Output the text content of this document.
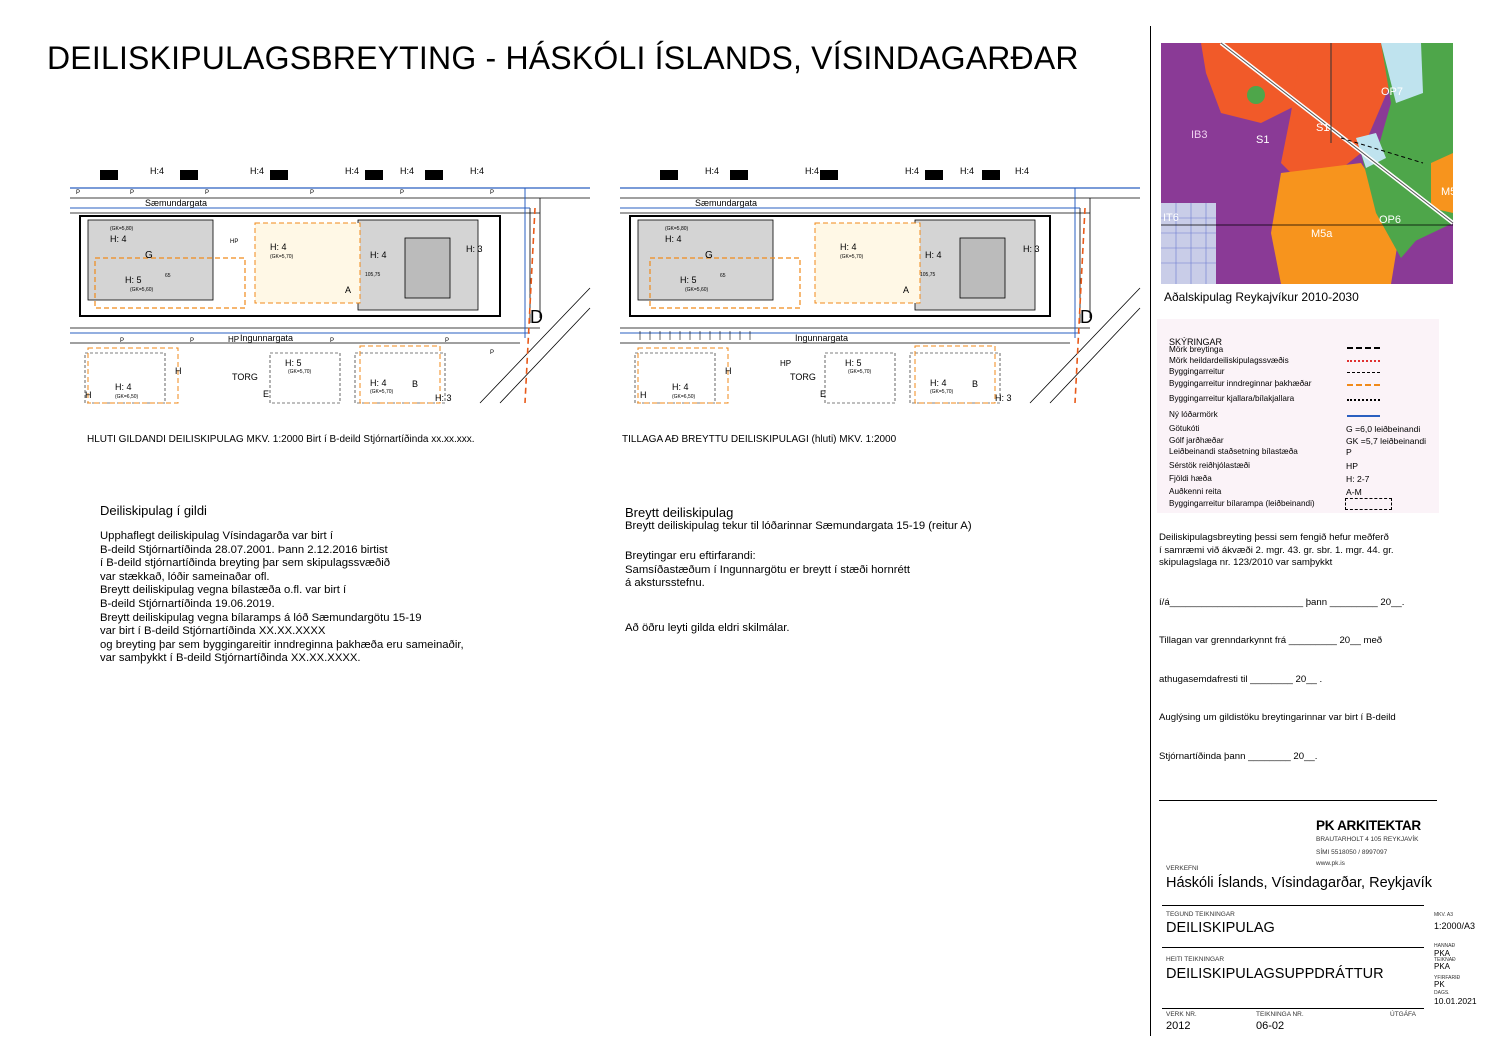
DEILISKIPULAGSBREYTING - HÁSKÓLI ÍSLANDS, VÍSINDAGARÐAR
Sæmundargata
Ingunnargata
(GK=5,80)
H: 4
G
H: 5
(GK=5,60)
H: 4
(GK=5,70)
A
H: 4
H: 3
HP
HP
D
H
H
H: 4
(GK=6,50)
TORG
E
H: 5
(GK=5,70)
H: 4
(GK=5,70)
B
H: 3
H:4	H:4	H:4	H:4	H:4
65	105,75
P	P	P	P	P	P
P	P	P	P
P
Sæmundargata
Ingunnargata
(GK=5,80)
H: 4
G
H: 5
(GK=5,60)
H: 4
(GK=5,70)
A
H: 4
H: 3
HP
D
H
H
H: 4
(GK=6,50)
TORG
E
H: 5
(GK=5,70)
H: 4
(GK=5,70)
B
H: 3
H:4	H:4	H:4	H:4	H:4
65	105,75
HLUTI GILDANDI DEILISKIPULAG MKV. 1:2000 Birt í B-deild Stjórnartíðinda xx.xx.xxx.	TILLAGA AÐ BREYTTU DEILISKIPULAGI (hluti) MKV. 1:2000
Deiliskipulag í gildi
Upphaflegt deiliskipulag Vísindagarða var birt í
B-deild Stjórnartíðinda 28.07.2001. Þann 2.12.2016 birtist
í B-deild stjórnartíðinda breyting þar sem skipulagssvæðið
var stækkað, lóðir sameinaðar ofl.
Breytt deiliskipulag vegna bílastæða o.fl. var birt í
B-deild Stjórnartíðinda 19.06.2019.
Breytt deiliskipulag vegna bílaramps á lóð Sæmundargötu 15-19
var birt í B-deild Stjórnartíðinda XX.XX.XXXX
og breyting þar sem byggingareitir inndreginna þakhæða eru sameinaðir,
var samþykkt í B-deild Stjórnartíðinda XX.XX.XXXX.
Breytt deiliskipulag
Breytt deiliskipulag tekur til lóðarinnar Sæmundargata 15-19 (reitur A)
Breytingar eru eftirfarandi:
Samsíðastæðum í Ingunnargötu er breytt í stæði hornrétt
á akstursstefnu.
Að öðru leyti gilda eldri skilmálar.
IB3	S1
S1
OP7
M5a
OP6
M5
IT6
Aðalskipulag Reykajvíkur 2010-2030
SKÝRINGAR
Mörk breytinga
Mörk heildardeiliskipulagssvæðis
Byggingarreitur
Byggingarreitur inndreginnar þakhæðar
Byggingarreitur kjallara/bílakjallara
Ný lóðarmörk
Götukóti	G =6,0 leiðbeinandi
Gólf jarðhæðar	GK =5,7 leiðbeinandi
Leiðbeinandi staðsetning bílastæða	P
Sérstök reiðhjólastæði	HP
Fjöldi hæða	H: 2-7
Auðkenni reita	A-M
Byggingarreitur bílarampa (leiðbeinandi)
Deiliskipulagsbreyting þessi sem fengið hefur meðferð
í samræmi við ákvæði 2. mgr. 43. gr. sbr. 1. mgr. 44. gr.
skipulagslaga nr. 123/2010 var samþykkt
í/á_________________________ þann _________ 20__.
Tillagan var grenndarkynnt frá _________ 20__ með
athugasemdafresti til ________ 20__ .
Auglýsing um gildistöku breytingarinnar var birt í B-deild
Stjórnartíðinda þann ________ 20__.
PK ARKITEKTAR
BRAUTARHOLT 4 105 REYKJAVÍK
SÍMI 5518050 / 8997097
www.pk.is
VERKEFNI
Háskóli Íslands, Vísindagarðar, Reykjavík
TEGUND TEIKNINGAR
DEILISKIPULAG
MKV. A3
1:2000/A3
HEITI TEIKNINGAR
DEILISKIPULAGSUPPDRÁTTUR
HANNAÐ
PKA
TEIKNAÐ
PKA
YFIRFARIÐ
PK
DAGS.
10.01.2021
VERK NR.
2012
TEIKNINGA NR.
06-02
ÚTGÁFA
